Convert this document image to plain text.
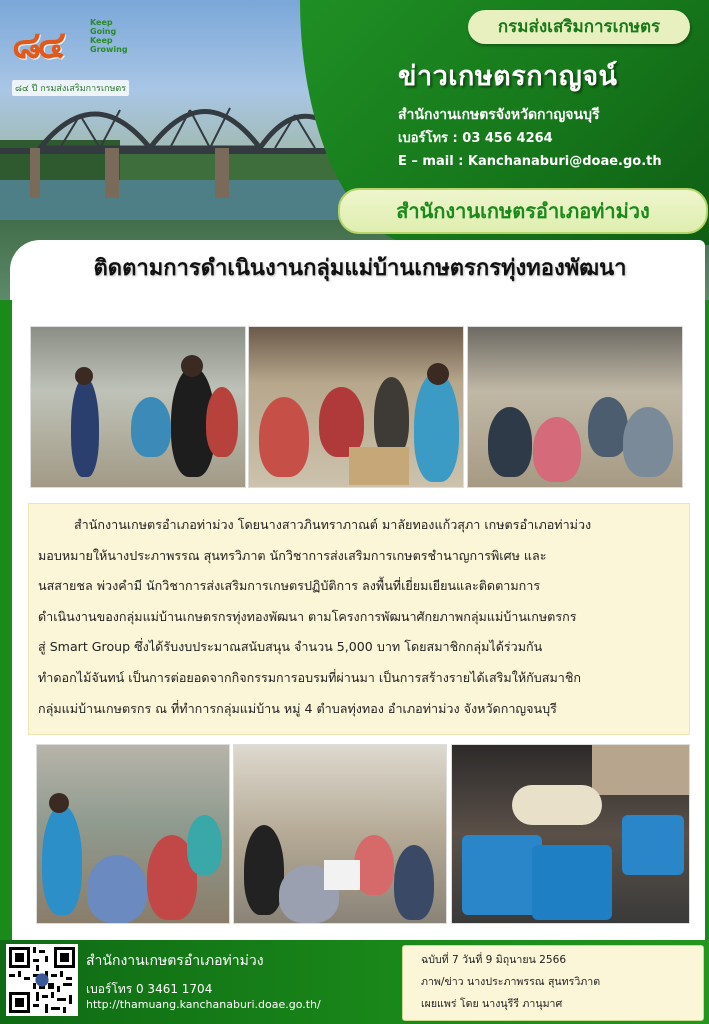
๘๔	Keep
Going
Keep
Growing
๘๔ ปี กรมส่งเสริมการเกษตร
กรมส่งเสริมการเกษตร
ข่าวเกษตรกาญจน์
สำนักงานเกษตรจังหวัดกาญจนบุรี
เบอร์โทร : 03 456 4264
E – mail : Kanchanaburi@doae.go.th
สำนักงานเกษตรอำเภอท่าม่วง
ติดตามการดำเนินงานกลุ่มแม่บ้านเกษตรกรทุ่งทองพัฒนา
สำนักงานเกษตรอำเภอท่าม่วง โดยนางสาวภินทราภาณต์ มาลัยทองแก้วสุภา เกษตรอำเภอท่าม่วง
มอบหมายให้นางประภาพรรณ สุนทรวิภาต นักวิชาการส่งเสริมการเกษตรชำนาญการพิเศษ และ
นสสายชล พ่วงคำมี นักวิชาการส่งเสริมการเกษตรปฏิบัติการ ลงพื้นที่เยี่ยมเยียนและติดตามการ
ดำเนินงานของกลุ่มแม่บ้านเกษตรกรทุ่งทองพัฒนา ตามโครงการพัฒนาศักยภาพกลุ่มแม่บ้านเกษตรกร
สู่ Smart Group ซึ่งได้รับงบประมาณสนับสนุน จำนวน 5,000 บาท โดยสมาชิกกลุ่มได้ร่วมกัน
ทำดอกไม้จันทน์ เป็นการต่อยอดจากกิจกรรมการอบรมที่ผ่านมา เป็นการสร้างรายได้เสริมให้กับสมาชิก
กลุ่มแม่บ้านเกษตรกร ณ ที่ทำการกลุ่มแม่บ้าน หมู่ 4 ตำบลทุ่งทอง อำเภอท่าม่วง จังหวัดกาญจนบุรี
สำนักงานเกษตรอำเภอท่าม่วง
เบอร์โทร 0 3461 1704
http://thamuang.kanchanaburi.doae.go.th/
ฉบับที่ 7 วันที่ 9 มิถุนายน 2566
ภาพ/ข่าว นางประภาพรรณ สุนทรวิภาต
เผยแพร่ โดย นางนุรีรี ภานุมาศ
